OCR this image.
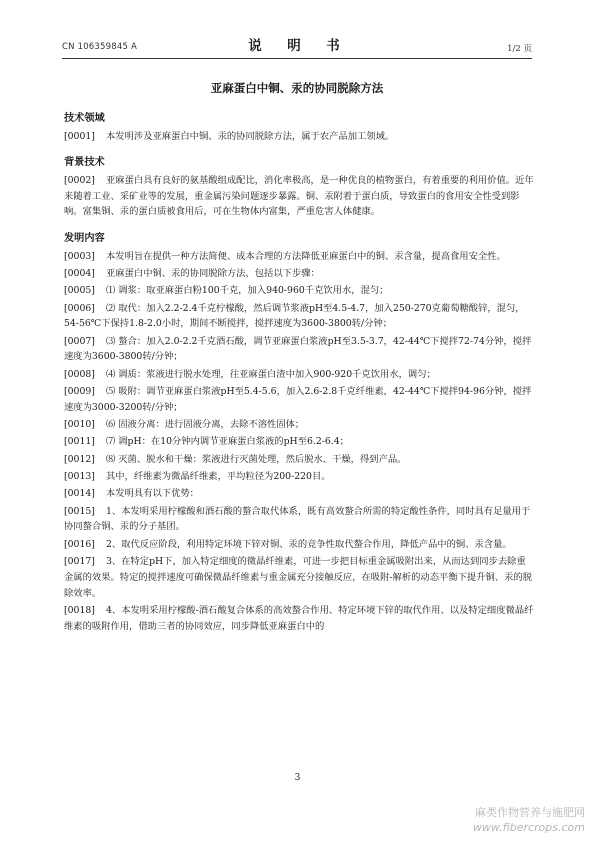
CN 106359845 A	说　明　书	1/2 页
亚麻蛋白中铜、汞的协同脱除方法
技术领域
[0001] 本发明涉及亚麻蛋白中铜、汞的协同脱除方法，属于农产品加工领域。
背景技术
[0002] 亚麻蛋白具有良好的氨基酸组成配比，消化率极高，是一种优良的植物蛋白，有着重要的利用价值。近年来随着工业、采矿业等的发展，重金属污染问题逐步暴露。铜、汞附着于蛋白质，导致蛋白的食用安全性受到影响。富集铜、汞的蛋白质被食用后，可在生物体内富集，严重危害人体健康。
发明内容
[0003] 本发明旨在提供一种方法简便、成本合理的方法降低亚麻蛋白中的铜、汞含量，提高食用安全性。
[0004] 亚麻蛋白中铜、汞的协同脱除方法，包括以下步骤：
[0005] ⑴ 调浆：取亚麻蛋白粉100千克，加入940-960千克饮用水，混匀；
[0006] ⑵ 取代：加入2.2-2.4千克柠檬酸，然后调节浆液pH至4.5-4.7，加入250-270克葡萄糖酸锌，混匀，54-56℃下保持1.8-2.0小时，期间不断搅拌，搅拌速度为3600-3800转/分钟；
[0007] ⑶ 螯合：加入2.0-2.2千克酒石酸，调节亚麻蛋白浆液pH至3.5-3.7，42-44℃下搅拌72-74分钟，搅拌速度为3600-3800转/分钟；
[0008] ⑷ 调质：浆液进行脱水处理，往亚麻蛋白渣中加入900-920千克饮用水，调匀；
[0009] ⑸ 吸附：调节亚麻蛋白浆液pH至5.4-5.6，加入2.6-2.8千克纤维素，42-44℃下搅拌94-96分钟，搅拌速度为3000-3200转/分钟；
[0010] ⑹ 固液分离：进行固液分离，去除不溶性固体；
[0011] ⑺ 调pH：在10分钟内调节亚麻蛋白浆液的pH至6.2-6.4；
[0012] ⑻ 灭菌、脱水和干燥：浆液进行灭菌处理，然后脱水、干燥，得到产品。
[0013] 其中，纤维素为微晶纤维素，平均粒径为200-220目。
[0014] 本发明具有以下优势：
[0015] 1、本发明采用柠檬酸和酒石酸的螯合取代体系，既有高效螯合所需的特定酸性条件，同时具有足量用于协同螯合铜、汞的分子基团。
[0016] 2、取代反应阶段，利用特定环境下锌对铜、汞的竞争性取代螯合作用，降低产品中的铜、汞含量。
[0017] 3、在特定pH下，加入特定细度的微晶纤维素，可进一步把目标重金属吸附出来，从而达到同步去除重金属的效果。特定的搅拌速度可确保微晶纤维素与重金属充分接触反应，在吸附-解析的动态平衡下提升铜、汞的脱除效率。
[0018] 4、本发明采用柠檬酸-酒石酸复合体系的高效螯合作用、特定环境下锌的取代作用、以及特定细度微晶纤维素的吸附作用，借助三者的协同效应，同步降低亚麻蛋白中的
3
麻类作物营养与施肥网
www.fibercrops.com
